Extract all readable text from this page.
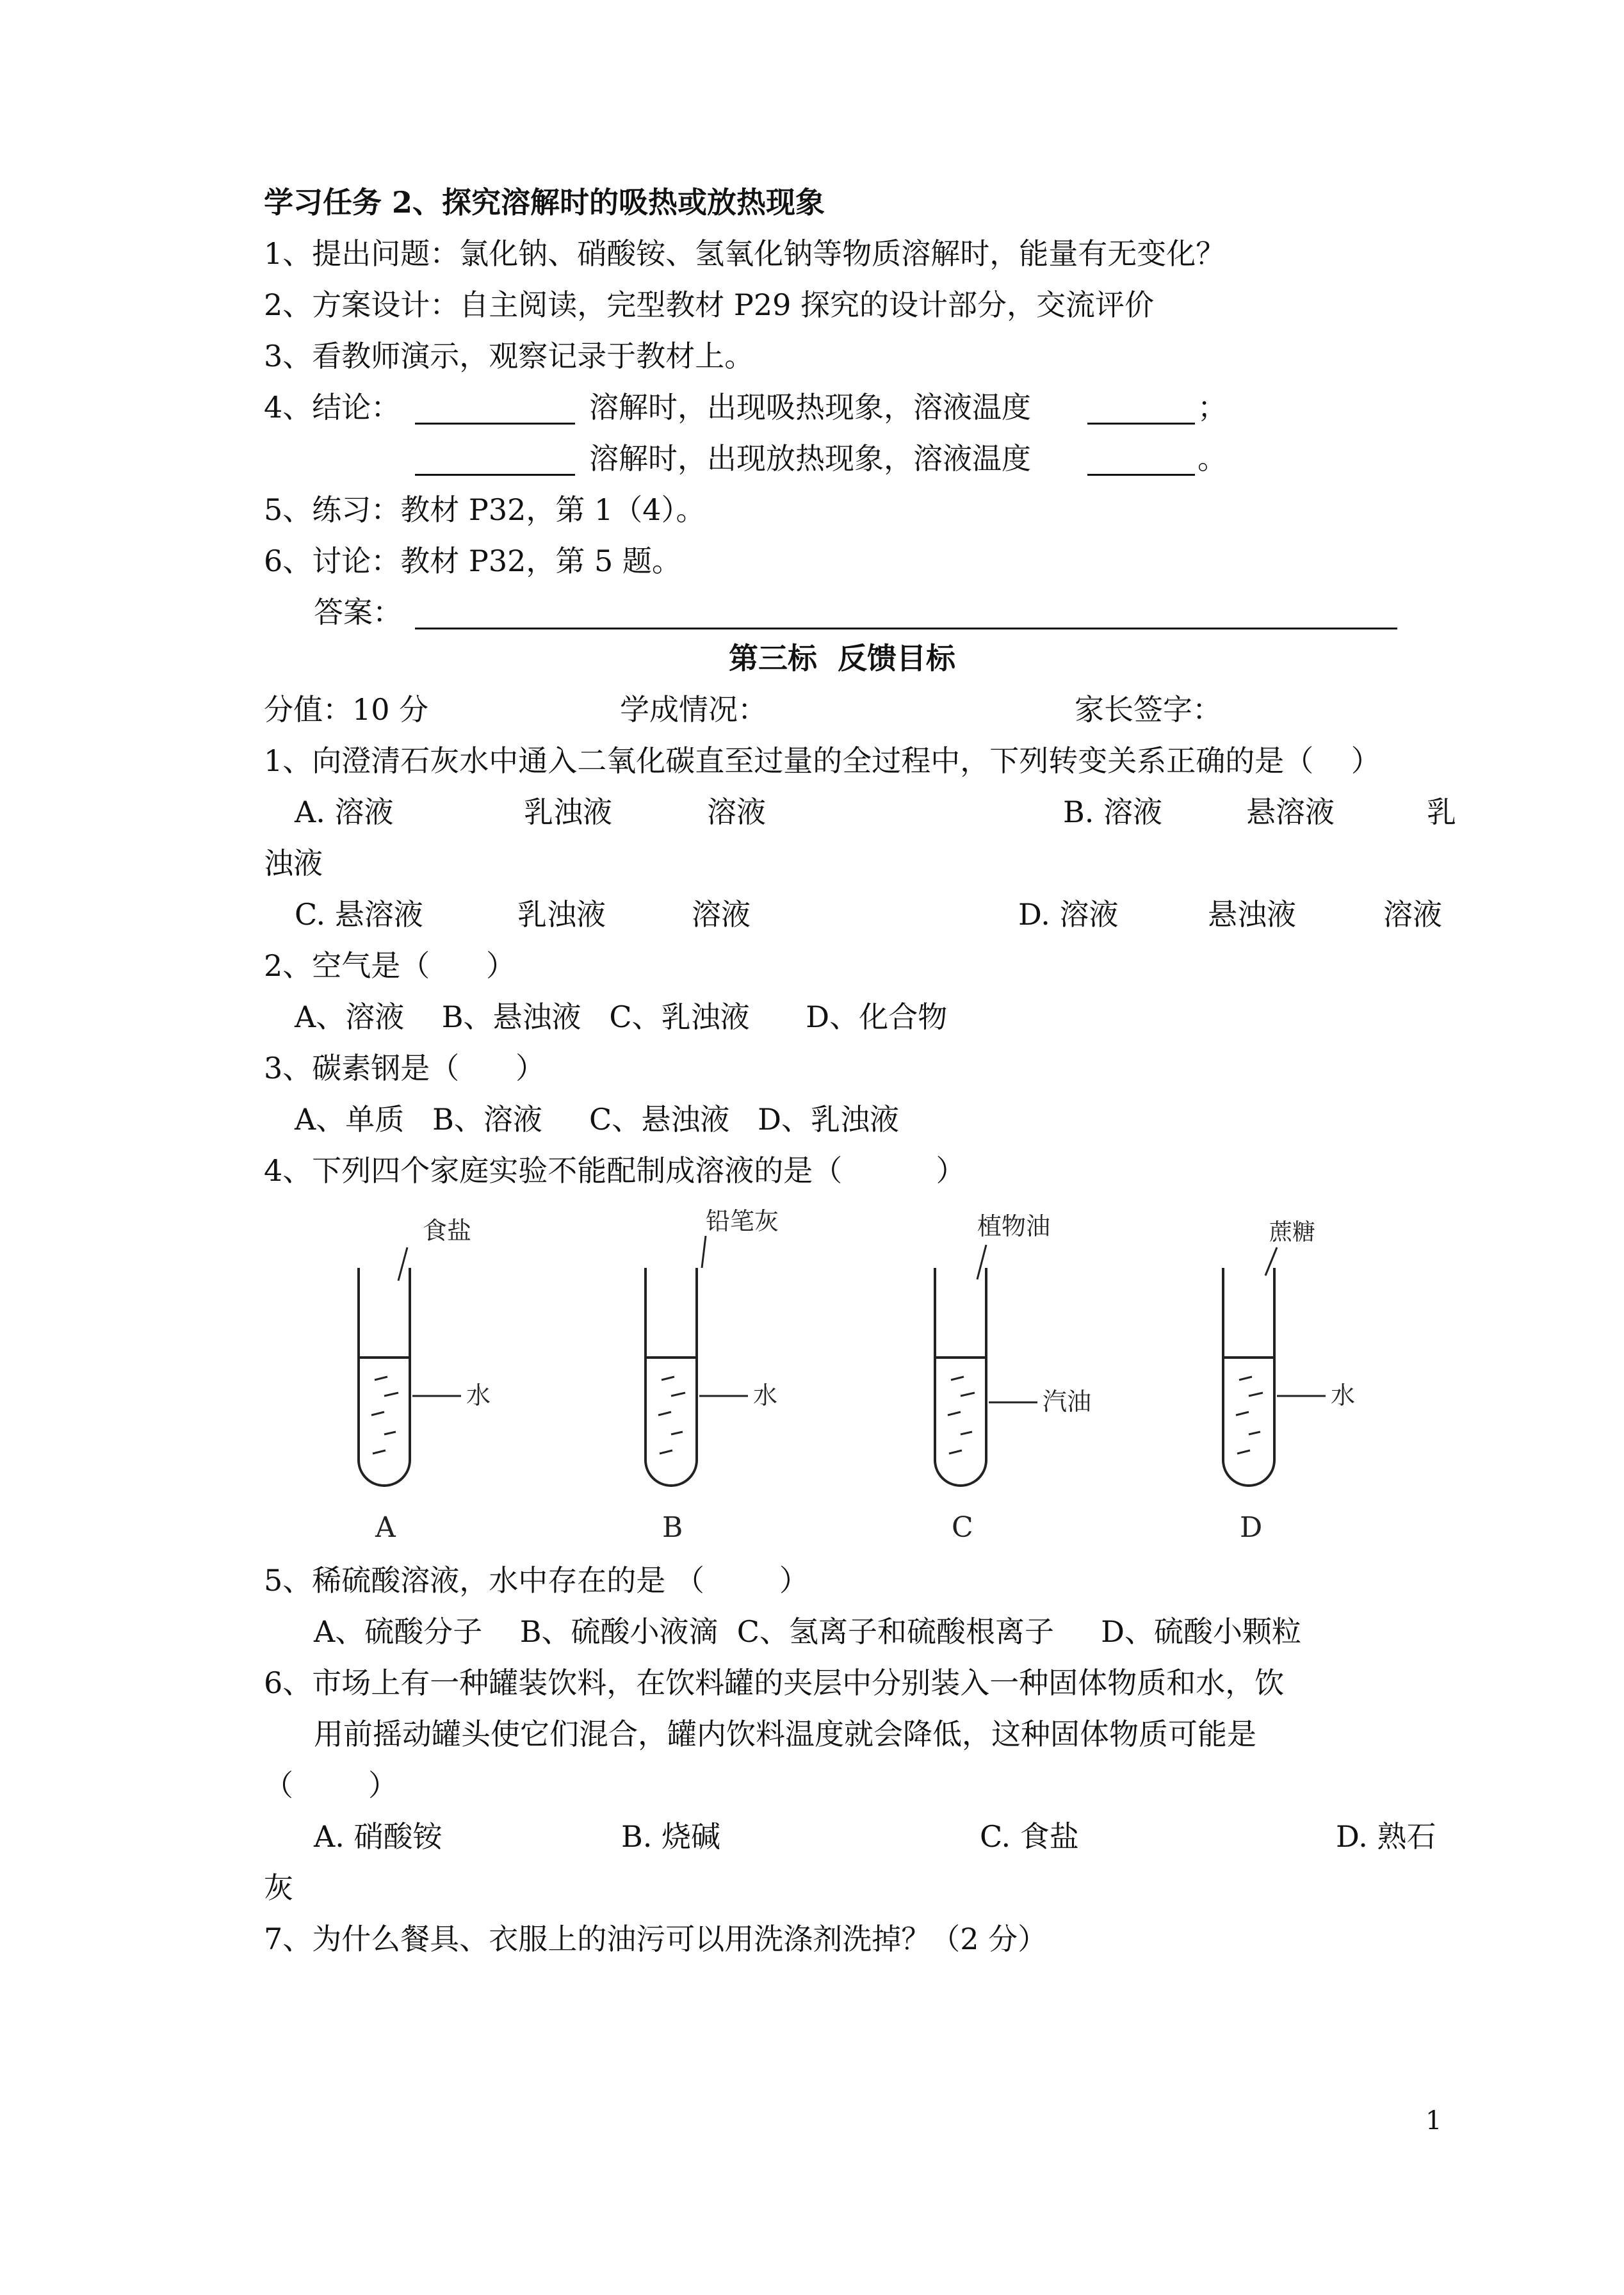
学习任务 2、探究溶解时的吸热或放热现象
1、提出问题：氯化钠、硝酸铵、氢氧化钠等物质溶解时，能量有无变化？
2、方案设计：自主阅读，完型教材 P29 探究的设计部分，交流评价
3、看教师演示，观察记录于教材上。
4、结论：	溶解时，出现吸热现象，溶液温度	；
溶解时，出现放热现象，溶液温度	。
5、练习：教材 P32，第 1（4）。
6、讨论：教材 P32，第 5 题。
答案：
第三标  反馈目标
分值：10 分	学成情况：	家长签字：
1、向澄清石灰水中通入二氧化碳直至过量的全过程中，下列转变关系正确的是（    ）
A. 溶液	乳浊液	溶液	B. 溶液	悬溶液	乳
浊液
C. 悬溶液	乳浊液	溶液	D. 溶液	悬浊液	溶液
2、空气是（      ）
A、溶液    B、悬浊液   C、乳浊液      D、化合物
3、碳素钢是（      ）
A、单质   B、溶液     C、悬浊液   D、乳浊液
4、下列四个家庭实验不能配制成溶液的是（          ）
食盐
水
A
铅笔灰
水
B
植物油
汽油
C
蔗糖
水
D
5、稀硫酸溶液，水中存在的是 （        ）
A、硫酸分子    B、硫酸小液滴  C、氢离子和硫酸根离子     D、硫酸小颗粒
6、市场上有一种罐装饮料，在饮料罐的夹层中分别装入一种固体物质和水，饮
用前摇动罐头使它们混合，罐内饮料温度就会降低，这种固体物质可能是
（        ）
A. 硝酸铵	B. 烧碱	C. 食盐	D. 熟石
灰
7、为什么餐具、衣服上的油污可以用洗涤剂洗掉？（2 分）
1
